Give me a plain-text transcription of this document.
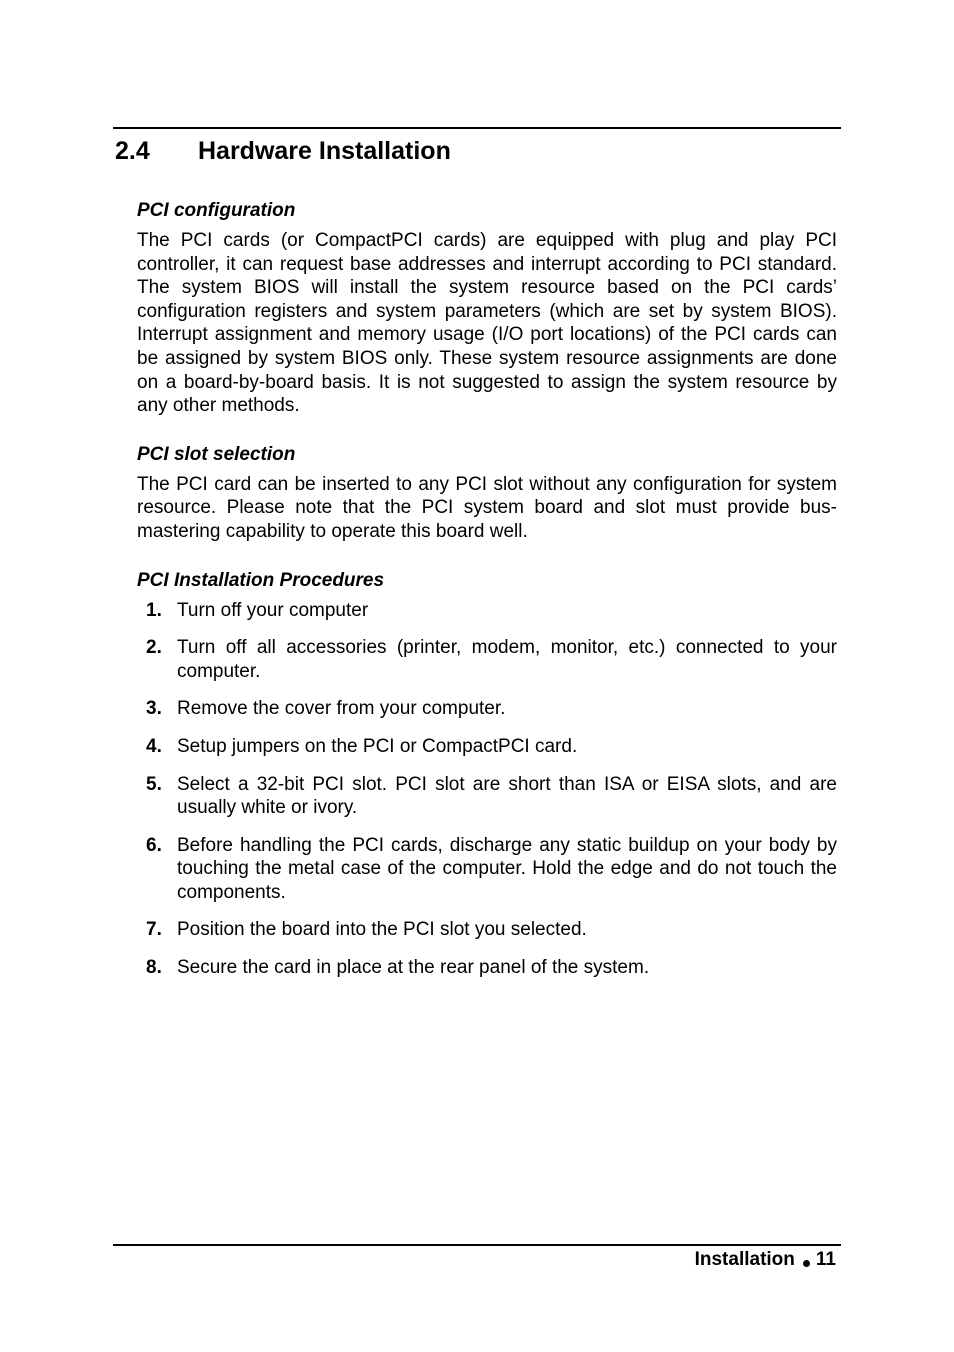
2.4 Hardware Installation
PCI configuration
The PCI cards (or CompactPCI cards) are equipped with plug and play PCI controller, it can request base addresses and interrupt according to PCI standard. The system BIOS will install the system resource based on the PCI cards’ configuration registers and system parameters (which are set by system BIOS). Interrupt assignment and memory usage (I/O port locations) of the PCI cards can be assigned by system BIOS only. These system resource assignments are done on a board-by-board basis. It is not suggested to assign the system resource by any other methods.
PCI slot selection
The PCI card can be inserted to any PCI slot without any configuration for system resource. Please note that the PCI system board and slot must provide bus-mastering capability to operate this board well.
PCI Installation Procedures
1. Turn off your computer
2. Turn off all accessories (printer, modem, monitor, etc.) connected to your computer.
3. Remove the cover from your computer.
4. Setup jumpers on the PCI or CompactPCI card.
5. Select a 32-bit PCI slot. PCI slot are short than ISA or EISA slots, and are usually white or ivory.
6. Before handling the PCI cards, discharge any static buildup on your body by touching the metal case of the computer. Hold the edge and do not touch the components.
7. Position the board into the PCI slot you selected.
8. Secure the card in place at the rear panel of the system.
Installation 11
